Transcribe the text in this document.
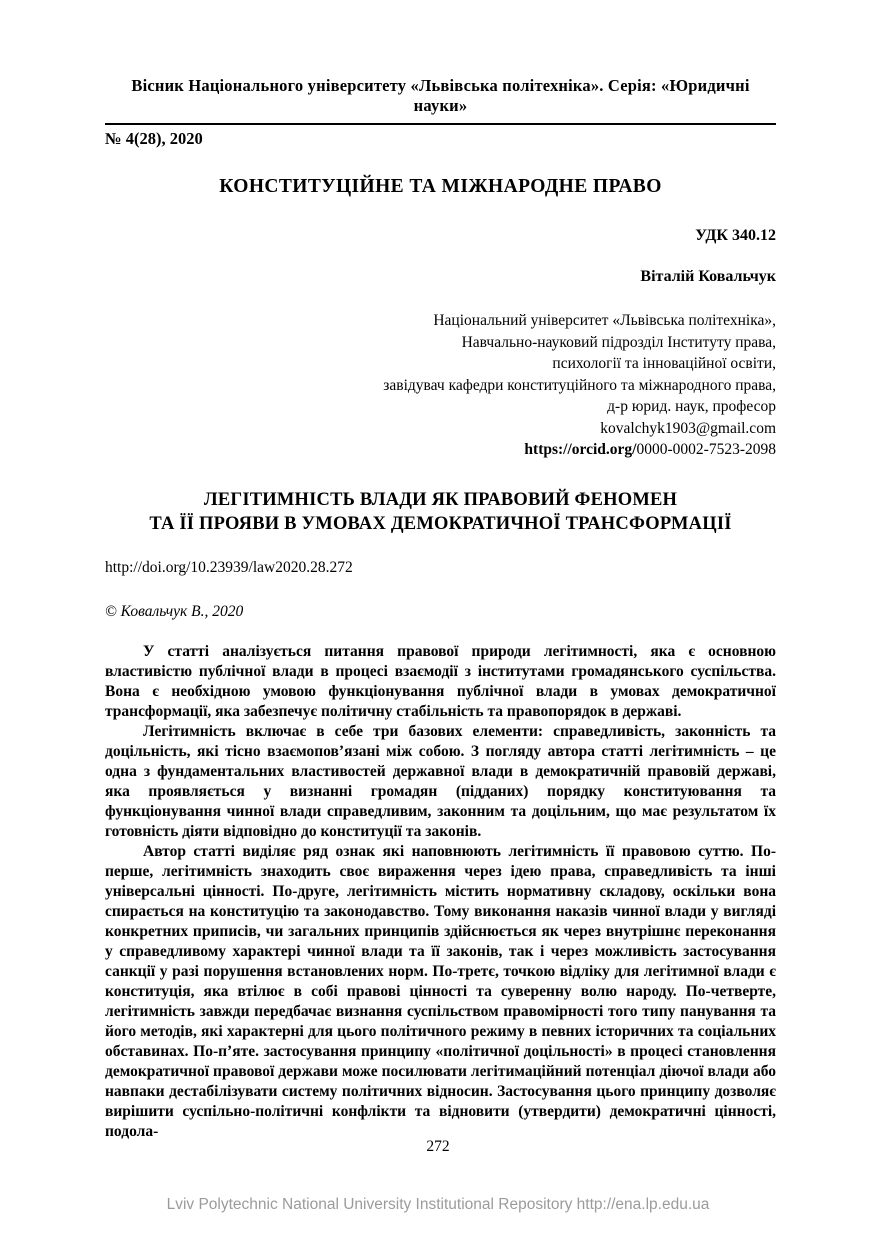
Вісник Національного університету «Львівська політехніка». Серія: «Юридичні науки»
№ 4(28), 2020
КОНСТИТУЦІЙНЕ ТА МІЖНАРОДНЕ ПРАВО
УДК 340.12
Віталій Ковальчук
Національний університет «Львівська політехніка»,
Навчально-науковий підрозділ Інституту права,
психології та інноваційної освіти,
завідувач кафедри конституційного та міжнародного права,
д-р юрид. наук, професор
kovalchyk1903@gmail.com
https://orcid.org/0000-0002-7523-2098
ЛЕГІТИМНІСТЬ ВЛАДИ ЯК ПРАВОВИЙ ФЕНОМЕН
ТА ЇЇ ПРОЯВИ В УМОВАХ ДЕМОКРАТИЧНОЇ ТРАНСФОРМАЦІЇ
http://doi.org/10.23939/law2020.28.272
© Ковальчук В., 2020

У статті аналізується питання правової природи легітимності, яка є основною властивістю публічної влади в процесі взаємодії з інститутами громадянського суспільства. Вона є необхідною умовою функціонування публічної влади в умовах демократичної трансформації, яка забезпечує політичну стабільність та правопорядок в державі.

Легітимність включає в себе три базових елементи: справедливість, законність та доцільність, які тісно взаємопов’язані між собою. З погляду автора статті легітимність – це одна з фундаментальних властивостей державної влади в демократичній правовій державі, яка проявляється у визнанні громадян (підданих) порядку конституювання та функціонування чинної влади справедливим, законним та доцільним, що має результатом їх готовність діяти відповідно до конституції та законів.

Автор статті виділяє ряд ознак які наповнюють легітимність її правовою суттю. По-перше, легітимність знаходить своє вираження через ідею права, справедливість та інші універсальні цінності. По-друге, легітимність містить нормативну складову, оскільки вона спирається на конституцію та законодавство. Тому виконання наказів чинної влади у вигляді конкретних приписів, чи загальних принципів здійснюється як через внутрішнє переконання у справедливому характері чинної влади та її законів, так і через можливість застосування санкції у разі порушення встановлених норм. По-третє, точкою відліку для легітимної влади є конституція, яка втілює в собі правові цінності та суверенну волю народу. По-четверте, легітимність завжди передбачає визнання суспільством правомірності того типу панування та його методів, які характерні для цього політичного режиму в певних історичних та соціальних обставинах. По-п’яте. застосування принципу «політичної доцільності» в процесі становлення демократичної правової держави може посилювати легітимаційний потенціал діючої влади або навпаки дестабілізувати систему політичних відносин. Застосування цього принципу дозволяє вирішити суспільно-політичні конфлікти та відновити (утвердити) демократичні цінності, подола-

272
Lviv Polytechnic National University Institutional Repository http://ena.lp.edu.ua
